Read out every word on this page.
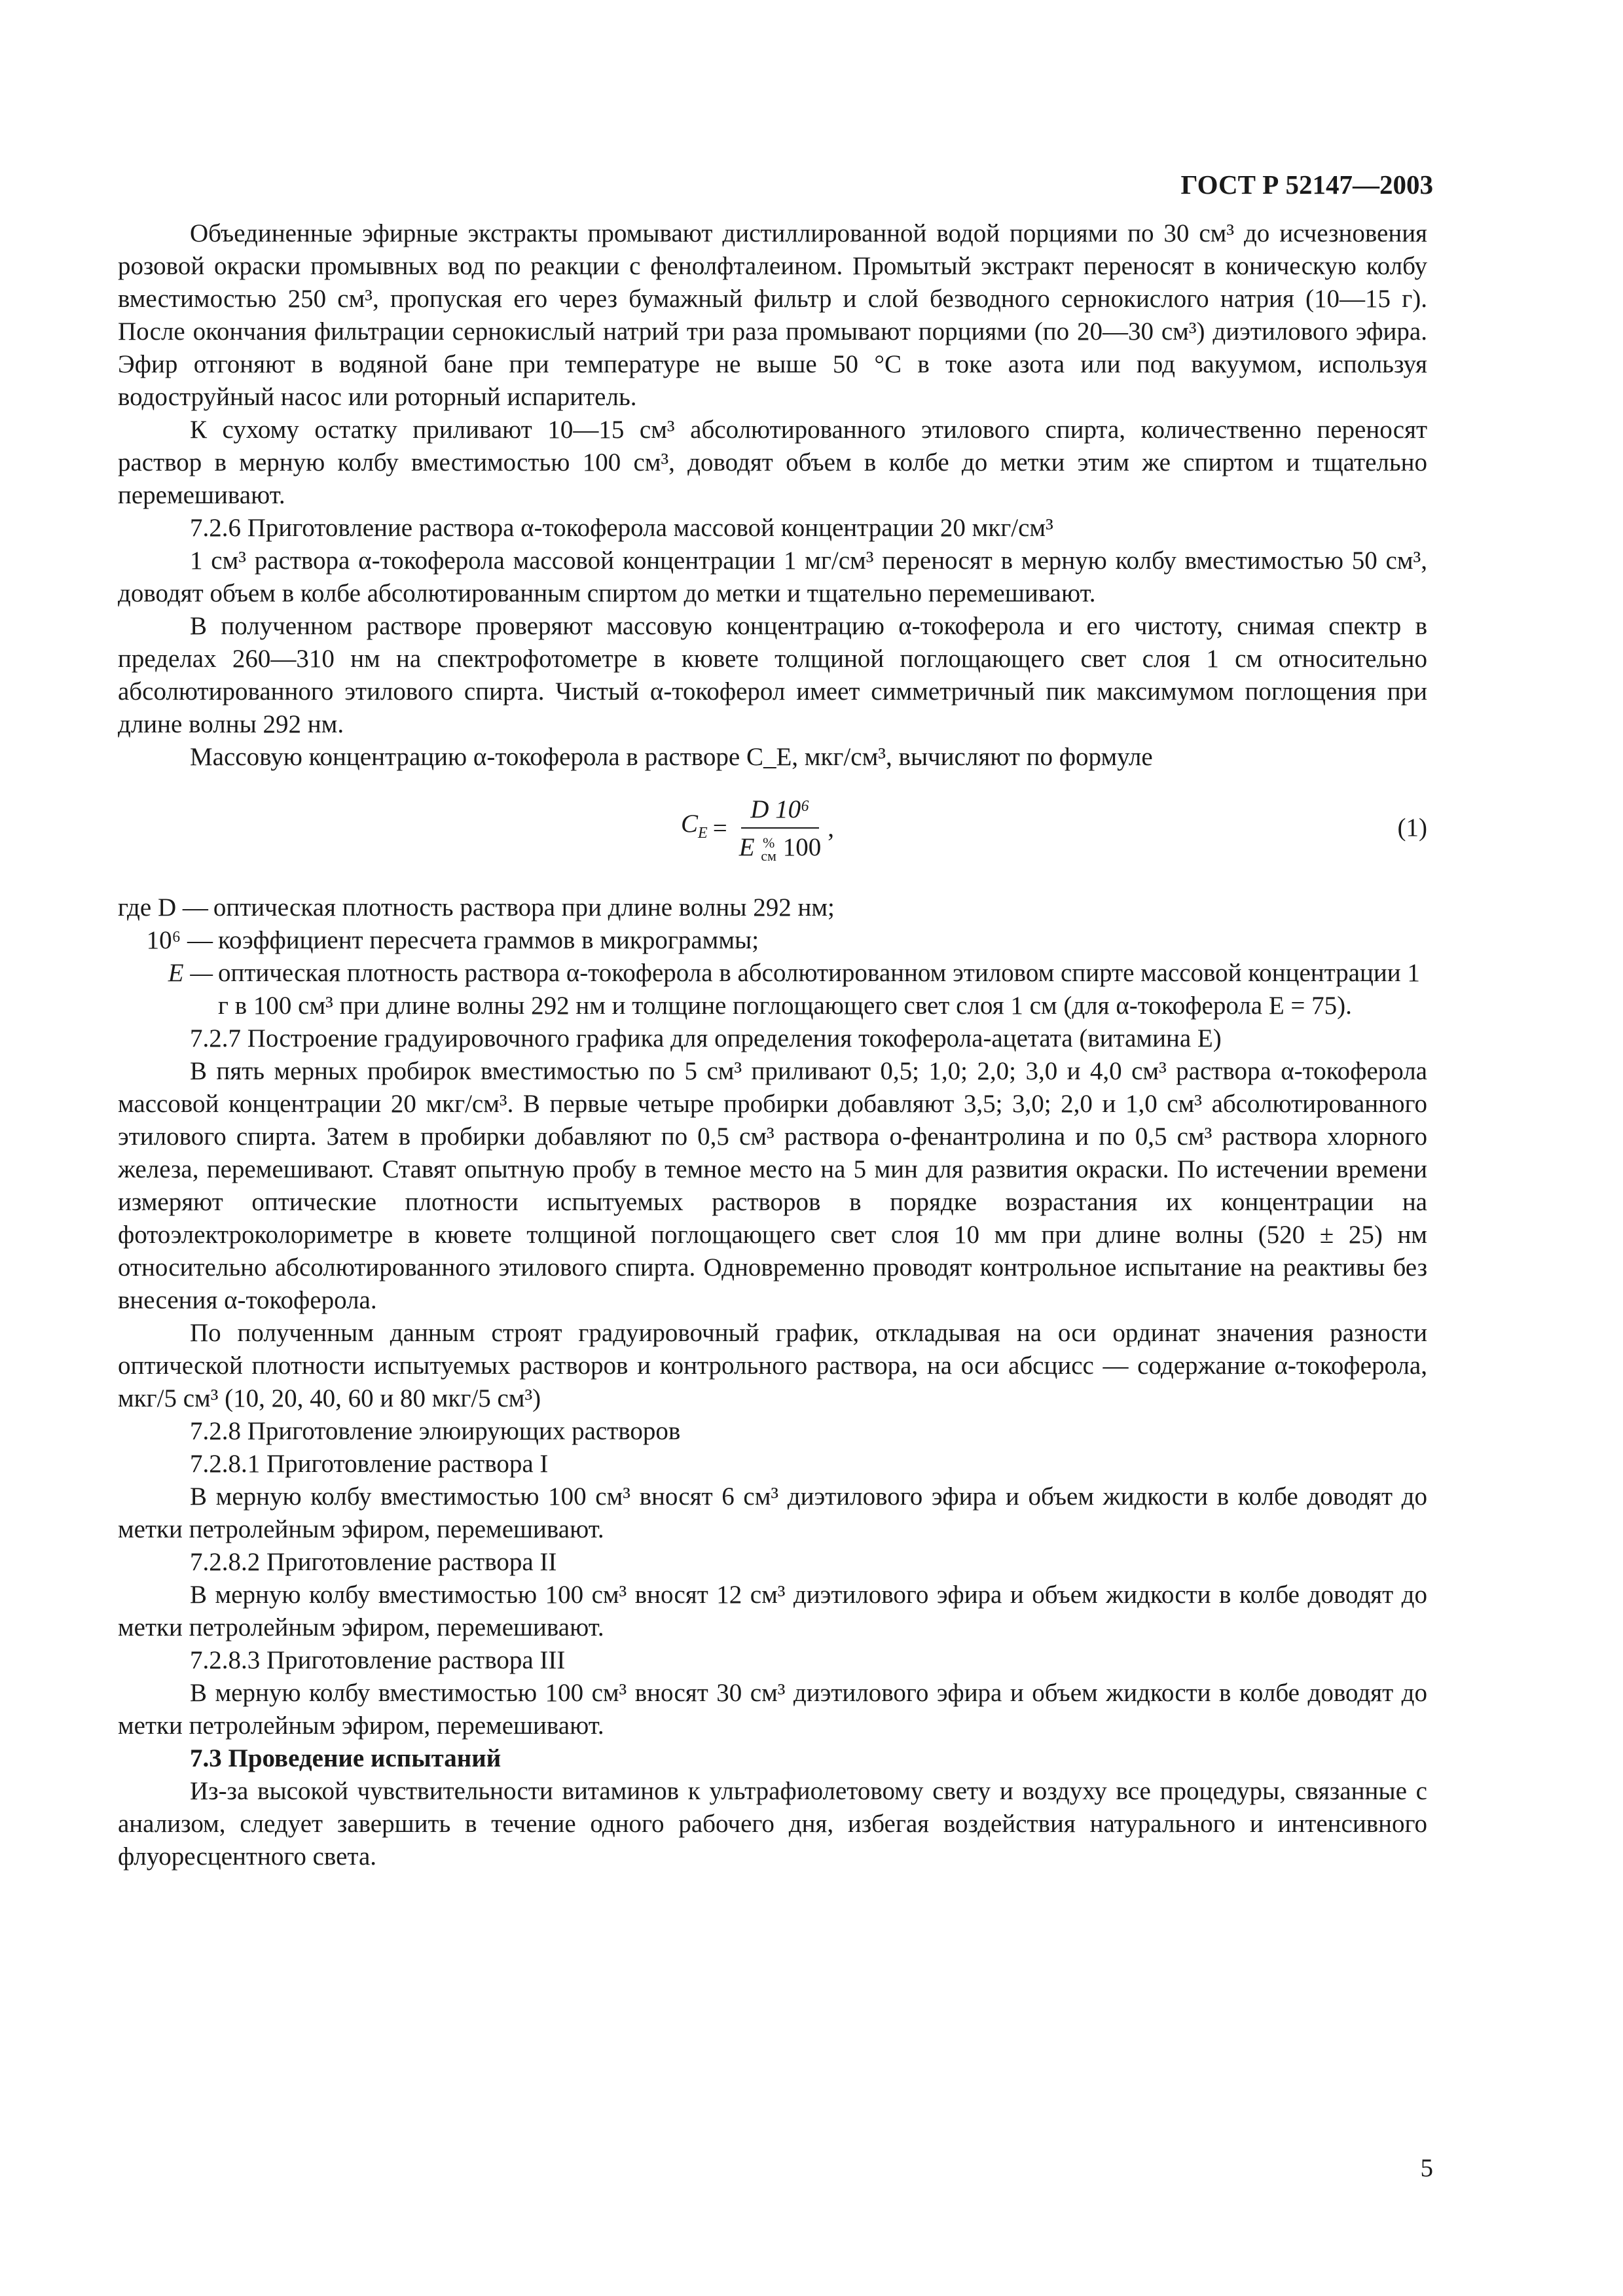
ГОСТ Р 52147—2003

Объединенные эфирные экстракты промывают дистиллированной водой порциями по 30 см³ до исчезновения розовой окраски промывных вод по реакции с фенолфталеином. Промытый экстракт переносят в коническую колбу вместимостью 250 см³, пропуская его через бумажный фильтр и слой безводного сернокислого натрия (10—15 г). После окончания фильтрации сернокислый натрий три раза промывают порциями (по 20—30 см³) диэтилового эфира. Эфир отгоняют в водяной бане при температуре не выше 50 °С в токе азота или под вакуумом, используя водоструйный насос или роторный испаритель.

К сухому остатку приливают 10—15 см³ абсолютированного этилового спирта, количественно переносят раствор в мерную колбу вместимостью 100 см³, доводят объем в колбе до метки этим же спиртом и тщательно перемешивают.

7.2.6 Приготовление раствора α-токоферола массовой концентрации 20 мкг/см³

1 см³ раствора α-токоферола массовой концентрации 1 мг/см³ переносят в мерную колбу вместимостью 50 см³, доводят объем в колбе абсолютированным спиртом до метки и тщательно перемешивают.

В полученном растворе проверяют массовую концентрацию α-токоферола и его чистоту, снимая спектр в пределах 260—310 нм на спектрофотометре в кювете толщиной поглощающего свет слоя 1 см относительно абсолютированного этилового спирта. Чистый α-токоферол имеет симметричный пик максимумом поглощения при длине волны 292 нм.

Массовую концентрацию α-токоферола в растворе C_E, мкг/см³, вычисляют по формуле

$C_E$ =
D 10⁶
E %
см 100
,	(1)
где D — оптическая плотность раствора при длине волны 292 нм;
10⁶ — коэффициент пересчета граммов в микрограммы;
E — оптическая плотность раствора α-токоферола в абсолютированном этиловом спирте массовой концентрации 1 г в 100 см³ при длине волны 292 нм и толщине поглощающего свет слоя 1 см (для α-токоферола E = 75).

7.2.7 Построение градуировочного графика для определения токоферола-ацетата (витамина Е)

В пять мерных пробирок вместимостью по 5 см³ приливают 0,5; 1,0; 2,0; 3,0 и 4,0 см³ раствора α-токоферола массовой концентрации 20 мкг/см³. В первые четыре пробирки добавляют 3,5; 3,0; 2,0 и 1,0 см³ абсолютированного этилового спирта. Затем в пробирки добавляют по 0,5 см³ раствора о-фенантролина и по 0,5 см³ раствора хлорного железа, перемешивают. Ставят опытную пробу в темное место на 5 мин для развития окраски. По истечении времени измеряют оптические плотности испытуемых растворов в порядке возрастания их концентрации на фотоэлектроколориметре в кювете толщиной поглощающего свет слоя 10 мм при длине волны (520 ± 25) нм относительно абсолютированного этилового спирта. Одновременно проводят контрольное испытание на реактивы без внесения α-токоферола.

По полученным данным строят градуировочный график, откладывая на оси ординат значения разности оптической плотности испытуемых растворов и контрольного раствора, на оси абсцисс — содержание α-токоферола, мкг/5 см³ (10, 20, 40, 60 и 80 мкг/5 см³)

7.2.8 Приготовление элюирующих растворов

7.2.8.1 Приготовление раствора I

В мерную колбу вместимостью 100 см³ вносят 6 см³ диэтилового эфира и объем жидкости в колбе доводят до метки петролейным эфиром, перемешивают.

7.2.8.2 Приготовление раствора II

В мерную колбу вместимостью 100 см³ вносят 12 см³ диэтилового эфира и объем жидкости в колбе доводят до метки петролейным эфиром, перемешивают.

7.2.8.3 Приготовление раствора III

В мерную колбу вместимостью 100 см³ вносят 30 см³ диэтилового эфира и объем жидкости в колбе доводят до метки петролейным эфиром, перемешивают.

7.3 Проведение испытаний

Из-за высокой чувствительности витаминов к ультрафиолетовому свету и воздуху все процедуры, связанные с анализом, следует завершить в течение одного рабочего дня, избегая воздействия натурального и интенсивного флуоресцентного света.

5
